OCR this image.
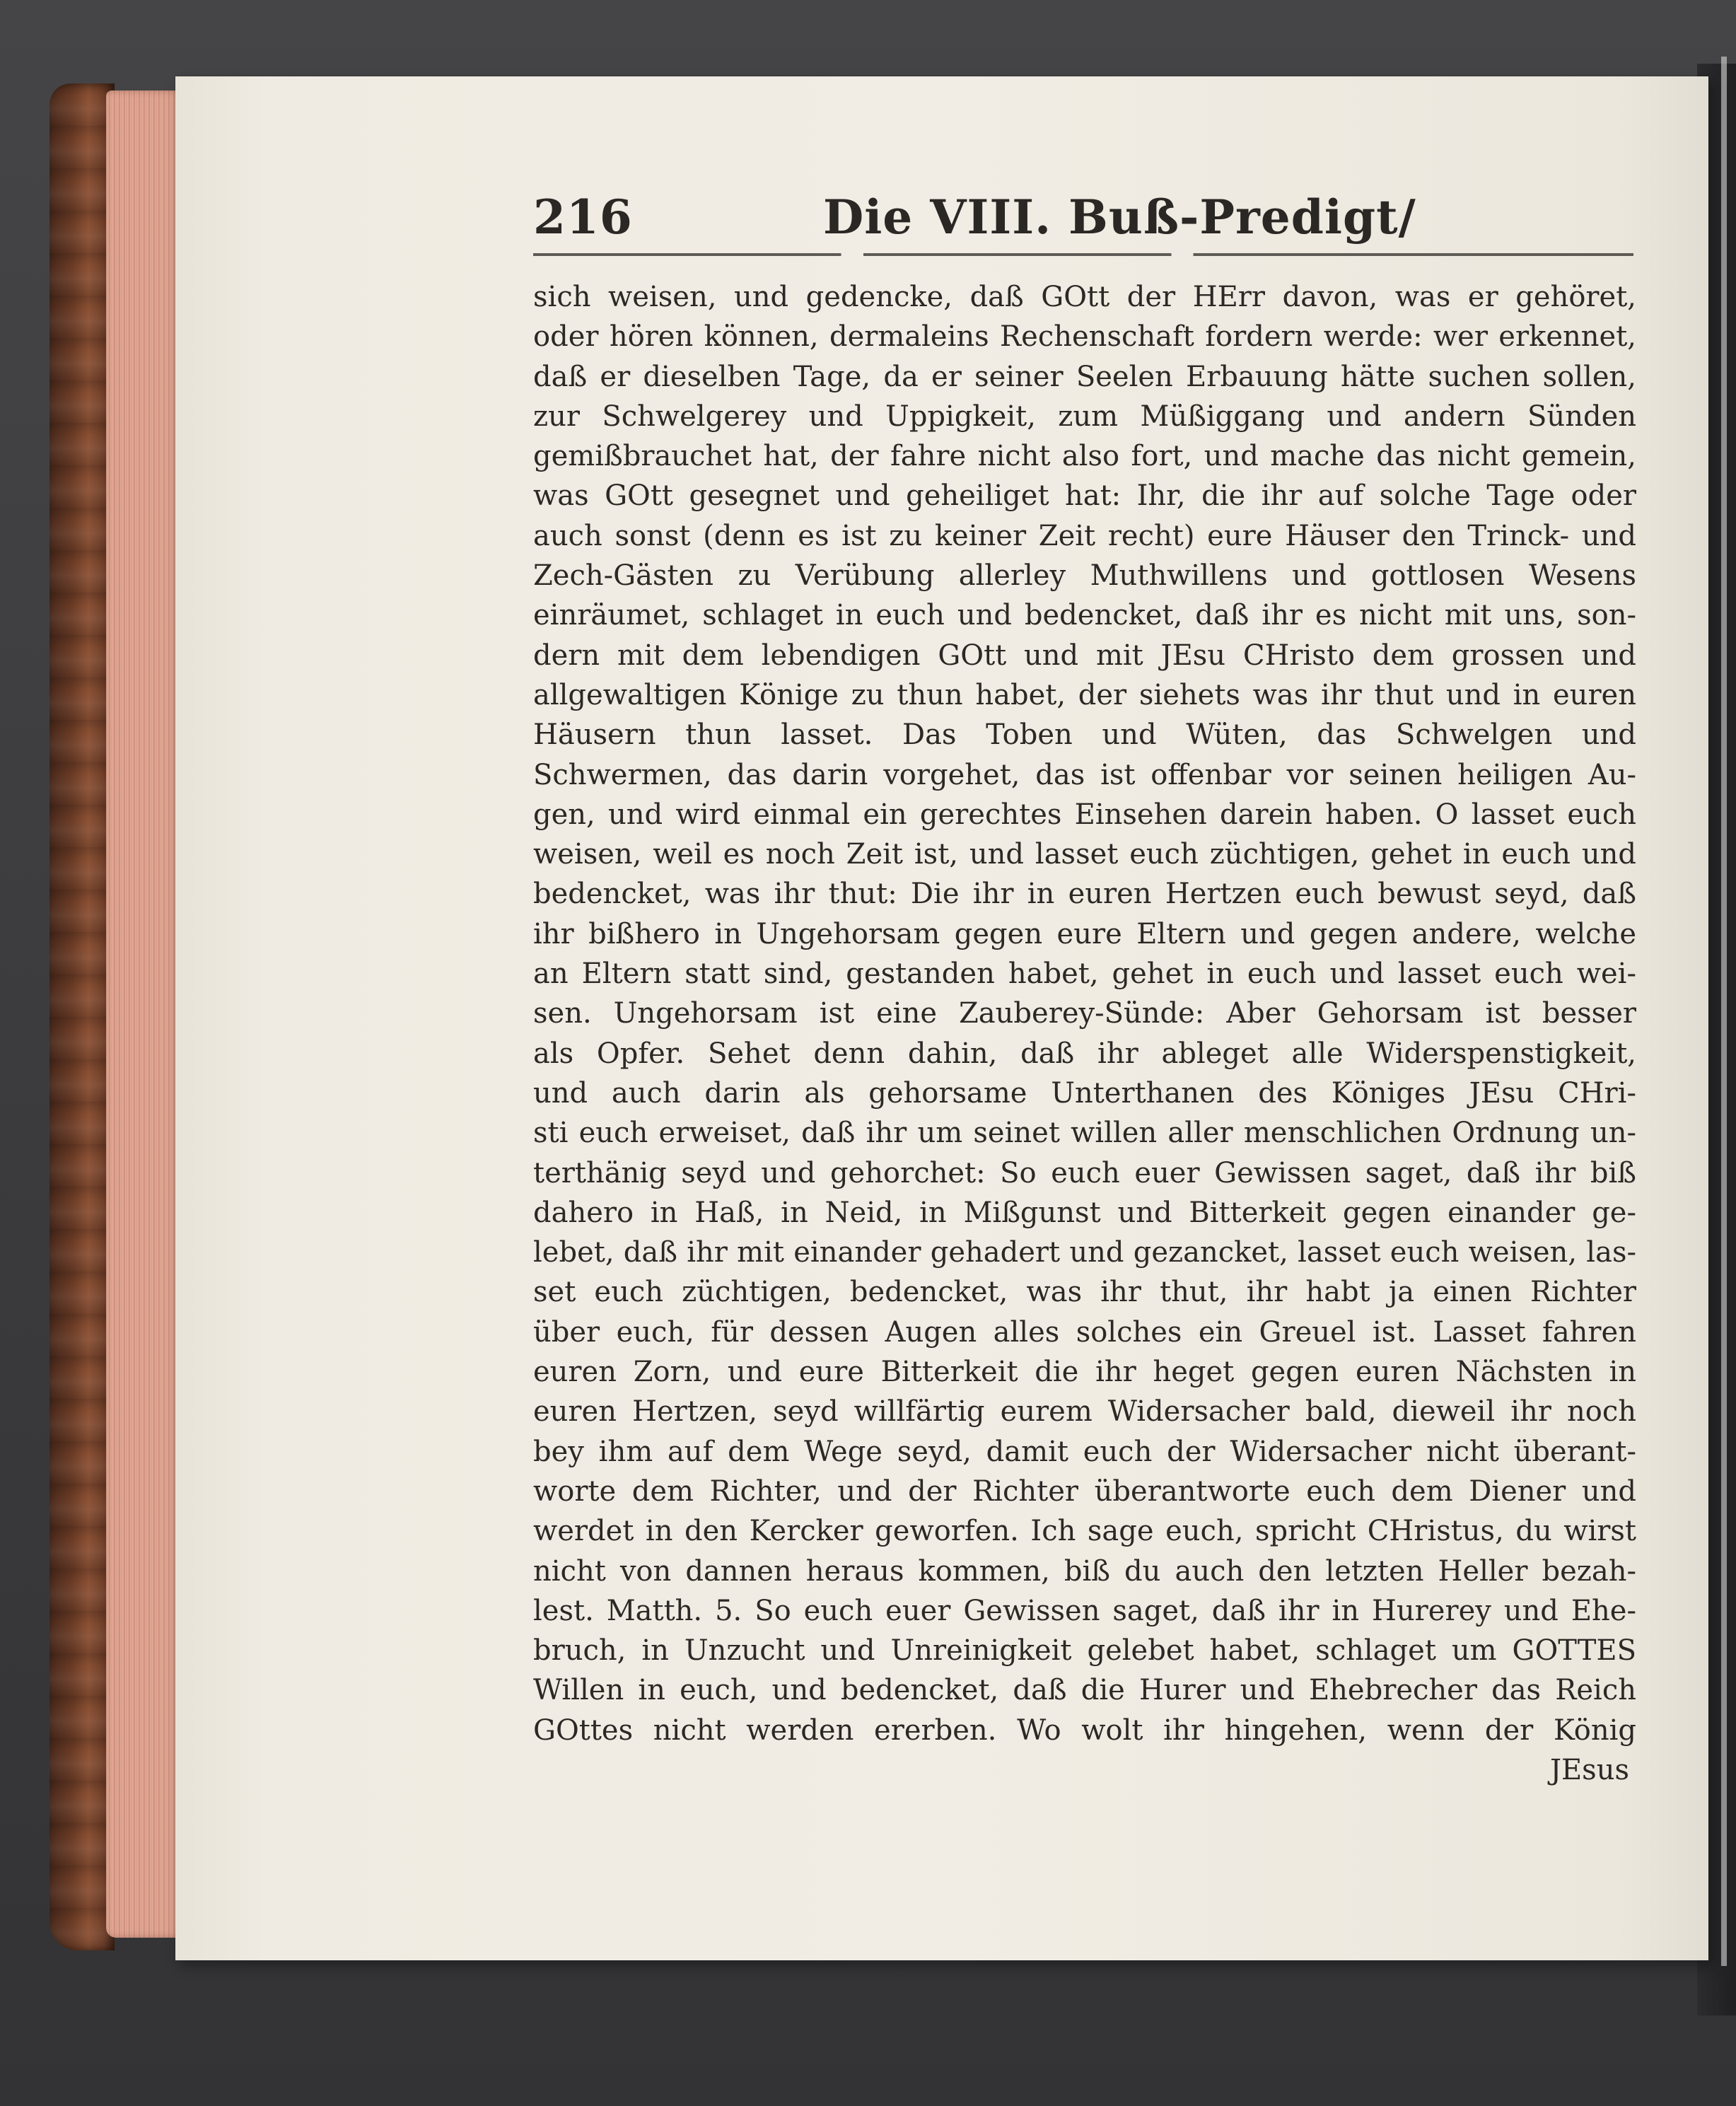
216	Die VIII. Buß-Predigt/
sich weisen, und gedencke, daß GOtt der HErr davon, was er gehöret,
oder hören können, dermaleins Rechenschaft fordern werde: wer erkennet,
daß er dieselben Tage, da er seiner Seelen Erbauung hätte suchen sollen,
zur Schwelgerey und Uppigkeit, zum Müßiggang und andern Sünden
gemißbrauchet hat, der fahre nicht also fort, und mache das nicht gemein,
was GOtt gesegnet und geheiliget hat: Ihr, die ihr auf solche Tage oder
auch sonst (denn es ist zu keiner Zeit recht) eure Häuser den Trinck- und
Zech-Gästen zu Verübung allerley Muthwillens und gottlosen Wesens
einräumet, schlaget in euch und bedencket, daß ihr es nicht mit uns, son-
dern mit dem lebendigen GOtt und mit JEsu CHristo dem grossen und
allgewaltigen Könige zu thun habet, der siehets was ihr thut und in euren
Häusern thun lasset. Das Toben und Wüten, das Schwelgen und
Schwermen, das darin vorgehet, das ist offenbar vor seinen heiligen Au-
gen, und wird einmal ein gerechtes Einsehen darein haben. O lasset euch
weisen, weil es noch Zeit ist, und lasset euch züchtigen, gehet in euch und
bedencket, was ihr thut: Die ihr in euren Hertzen euch bewust seyd, daß
ihr bißhero in Ungehorsam gegen eure Eltern und gegen andere, welche
an Eltern statt sind, gestanden habet, gehet in euch und lasset euch wei-
sen. Ungehorsam ist eine Zauberey-Sünde: Aber Gehorsam ist besser
als Opfer. Sehet denn dahin, daß ihr ableget alle Widerspenstigkeit,
und auch darin als gehorsame Unterthanen des Königes JEsu CHri-
sti euch erweiset, daß ihr um seinet willen aller menschlichen Ordnung un-
terthänig seyd und gehorchet: So euch euer Gewissen saget, daß ihr biß
dahero in Haß, in Neid, in Mißgunst und Bitterkeit gegen einander ge-
lebet, daß ihr mit einander gehadert und gezancket, lasset euch weisen, las-
set euch züchtigen, bedencket, was ihr thut, ihr habt ja einen Richter
über euch, für dessen Augen alles solches ein Greuel ist. Lasset fahren
euren Zorn, und eure Bitterkeit die ihr heget gegen euren Nächsten in
euren Hertzen, seyd willfärtig eurem Widersacher bald, dieweil ihr noch
bey ihm auf dem Wege seyd, damit euch der Widersacher nicht überant-
worte dem Richter, und der Richter überantworte euch dem Diener und
werdet in den Kercker geworfen. Ich sage euch, spricht CHristus, du wirst
nicht von dannen heraus kommen, biß du auch den letzten Heller bezah-
lest. Matth. 5. So euch euer Gewissen saget, daß ihr in Hurerey und Ehe-
bruch, in Unzucht und Unreinigkeit gelebet habet, schlaget um GOTTES
Willen in euch, und bedencket, daß die Hurer und Ehebrecher das Reich
GOttes nicht werden ererben. Wo wolt ihr hingehen, wenn der König
JEsus
